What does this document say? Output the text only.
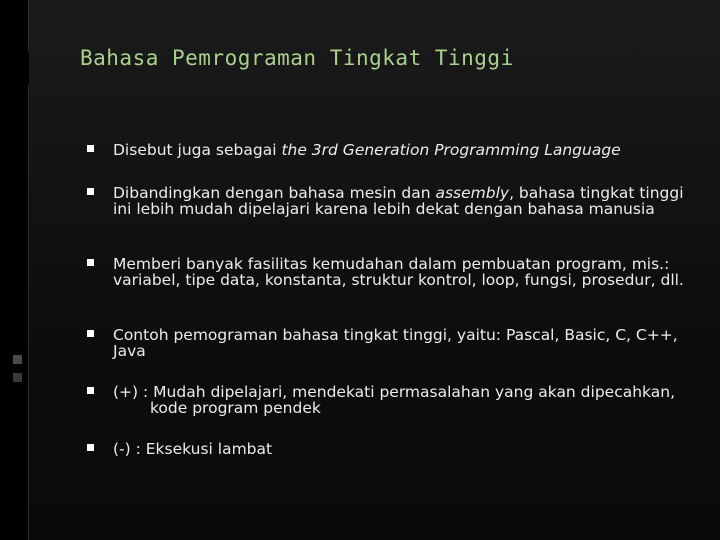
Bahasa Pemrograman Tingkat Tinggi
Disebut juga sebagai the 3rd Generation Programming Language
Dibandingkan dengan bahasa mesin dan assembly, bahasa tingkat tinggi ini lebih mudah dipelajari karena lebih dekat dengan bahasa manusia
Memberi banyak fasilitas kemudahan dalam pembuatan program, mis.: variabel, tipe data, konstanta, struktur kontrol, loop, fungsi, prosedur, dll.
Contoh pemograman bahasa tingkat tinggi, yaitu: Pascal, Basic, C, C++, Java
(+) : Mudah dipelajari, mendekati permasalahan yang akan dipecahkan, kode program pendek
(-) : Eksekusi lambat
